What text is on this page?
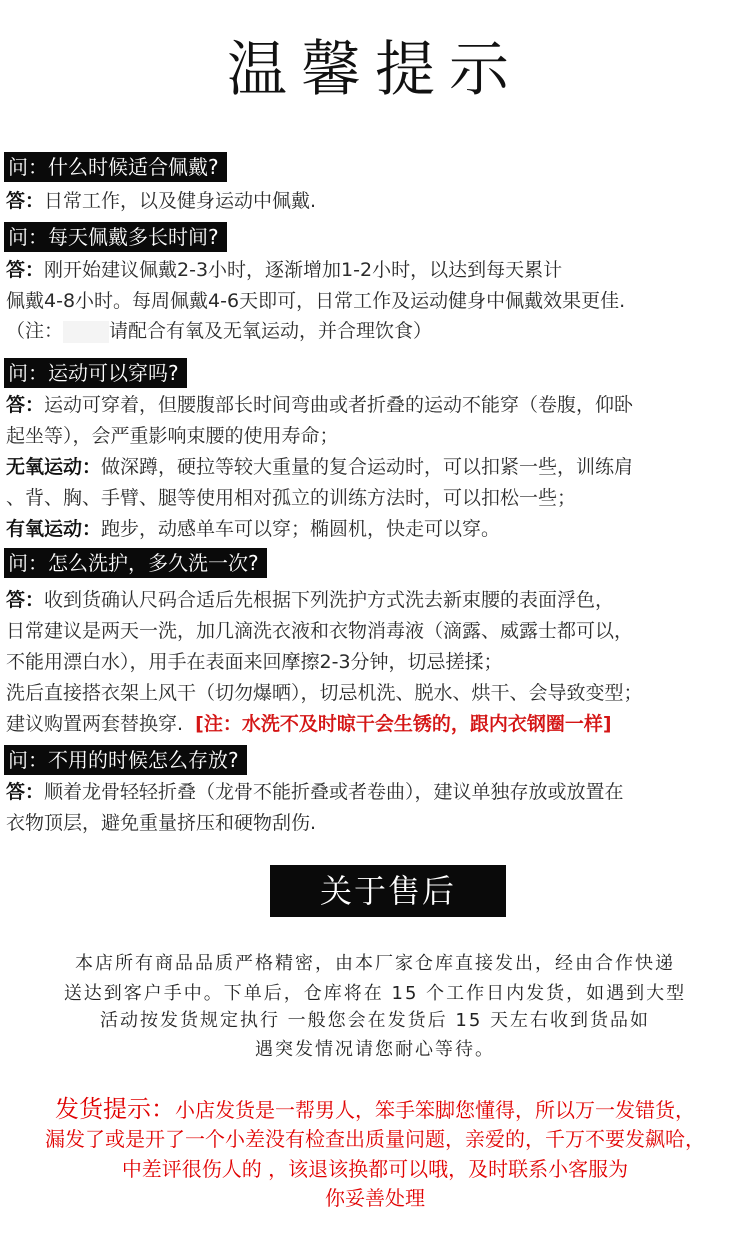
温馨提示
问：什么时候适合佩戴?
答：日常工作，以及健身运动中佩戴.
问：每天佩戴多长时间?
答：刚开始建议佩戴2-3小时，逐渐增加1-2小时，以达到每天累计
佩戴4-8小时。每周佩戴4-6天即可，日常工作及运动健身中佩戴效果更佳.
（注： 请配合有氧及无氧运动，并合理饮食）
问：运动可以穿吗?
答：运动可穿着，但腰腹部长时间弯曲或者折叠的运动不能穿（卷腹，仰卧
起坐等），会严重影响束腰的使用寿命；
无氧运动：做深蹲，硬拉等较大重量的复合运动时，可以扣紧一些，训练肩
、背、胸、手臂、腿等使用相对孤立的训练方法时，可以扣松一些；
有氧运动：跑步，动感单车可以穿；椭圆机，快走可以穿。
问：怎么洗护，多久洗一次?
答：收到货确认尺码合适后先根据下列洗护方式洗去新束腰的表面浮色，
日常建议是两天一洗，加几滴洗衣液和衣物消毒液（滴露、威露士都可以，
不能用漂白水），用手在表面来回摩擦2-3分钟，切忌搓揉；
洗后直接搭衣架上风干（切勿爆晒），切忌机洗、脱水、烘干、会导致变型；
建议购置两套替换穿. [注：水洗不及时晾干会生锈的，跟内衣钢圈一样]
问：不用的时候怎么存放?
答：顺着龙骨轻轻折叠（龙骨不能折叠或者卷曲），建议单独存放或放置在
衣物顶层，避免重量挤压和硬物刮伤.
关于售后
本店所有商品品质严格精密，由本厂家仓库直接发出，经由合作快递
送达到客户手中。下单后，仓库将在 15 个工作日内发货，如遇到大型
活动按发货规定执行 一般您会在发货后 15 天左右收到货品如
遇突发情况请您耐心等待。
发货提示：小店发货是一帮男人，笨手笨脚您懂得，所以万一发错货，
漏发了或是开了一个小差没有检查出质量问题，亲爱的，千万不要发飙哈，
中差评很伤人的 ，该退该换都可以哦，及时联系小客服为
你妥善处理
